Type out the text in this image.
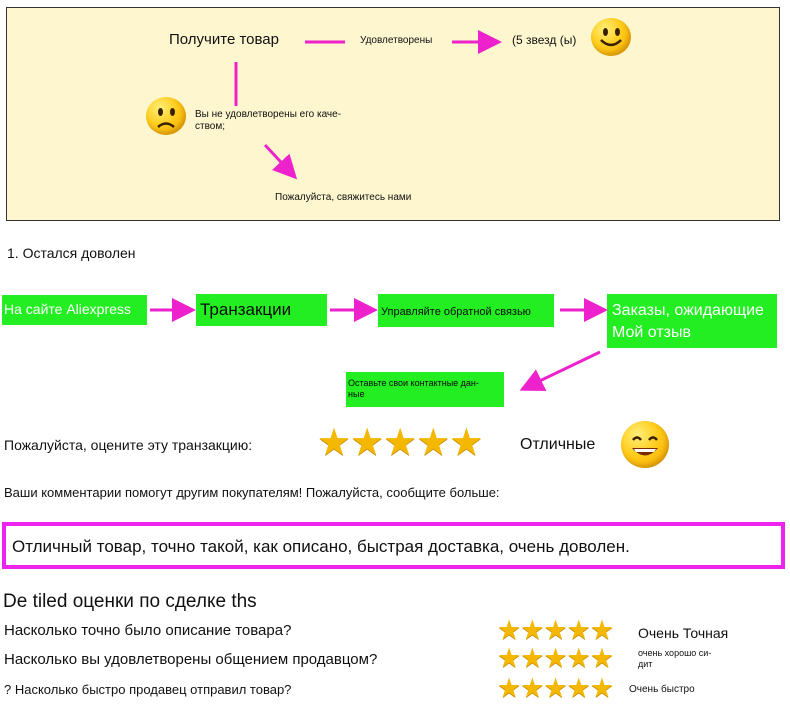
Получите товар	Удовлетворены	(5 звезд (ы)
Вы не удовлетворены его каче-
ством;
Пожалуйста, свяжитесь нами
1. Остался доволен
На сайте Aliexpress	Транзакции	Управляйте обратной связью	Заказы, ожидающие
Мой отзыв
Оставьте свои контактные дан-
ные
Пожалуйста, оцените эту транзакцию: ★★★★★ Отличные
Ваши комментарии помогут другим покупателям! Пожалуйста, сообщите больше:
Отличный товар, точно такой, как описано, быстрая доставка, очень доволен.
De tiled оценки по сделке ths
Насколько точно было описание товара?	★★★★★ Очень Точная
Насколько вы удовлетворены общением продавцом?	★★★★★	очень хорошо си-
дит
? Насколько быстро продавец отправил товар?	★★★★★ Очень быстро
